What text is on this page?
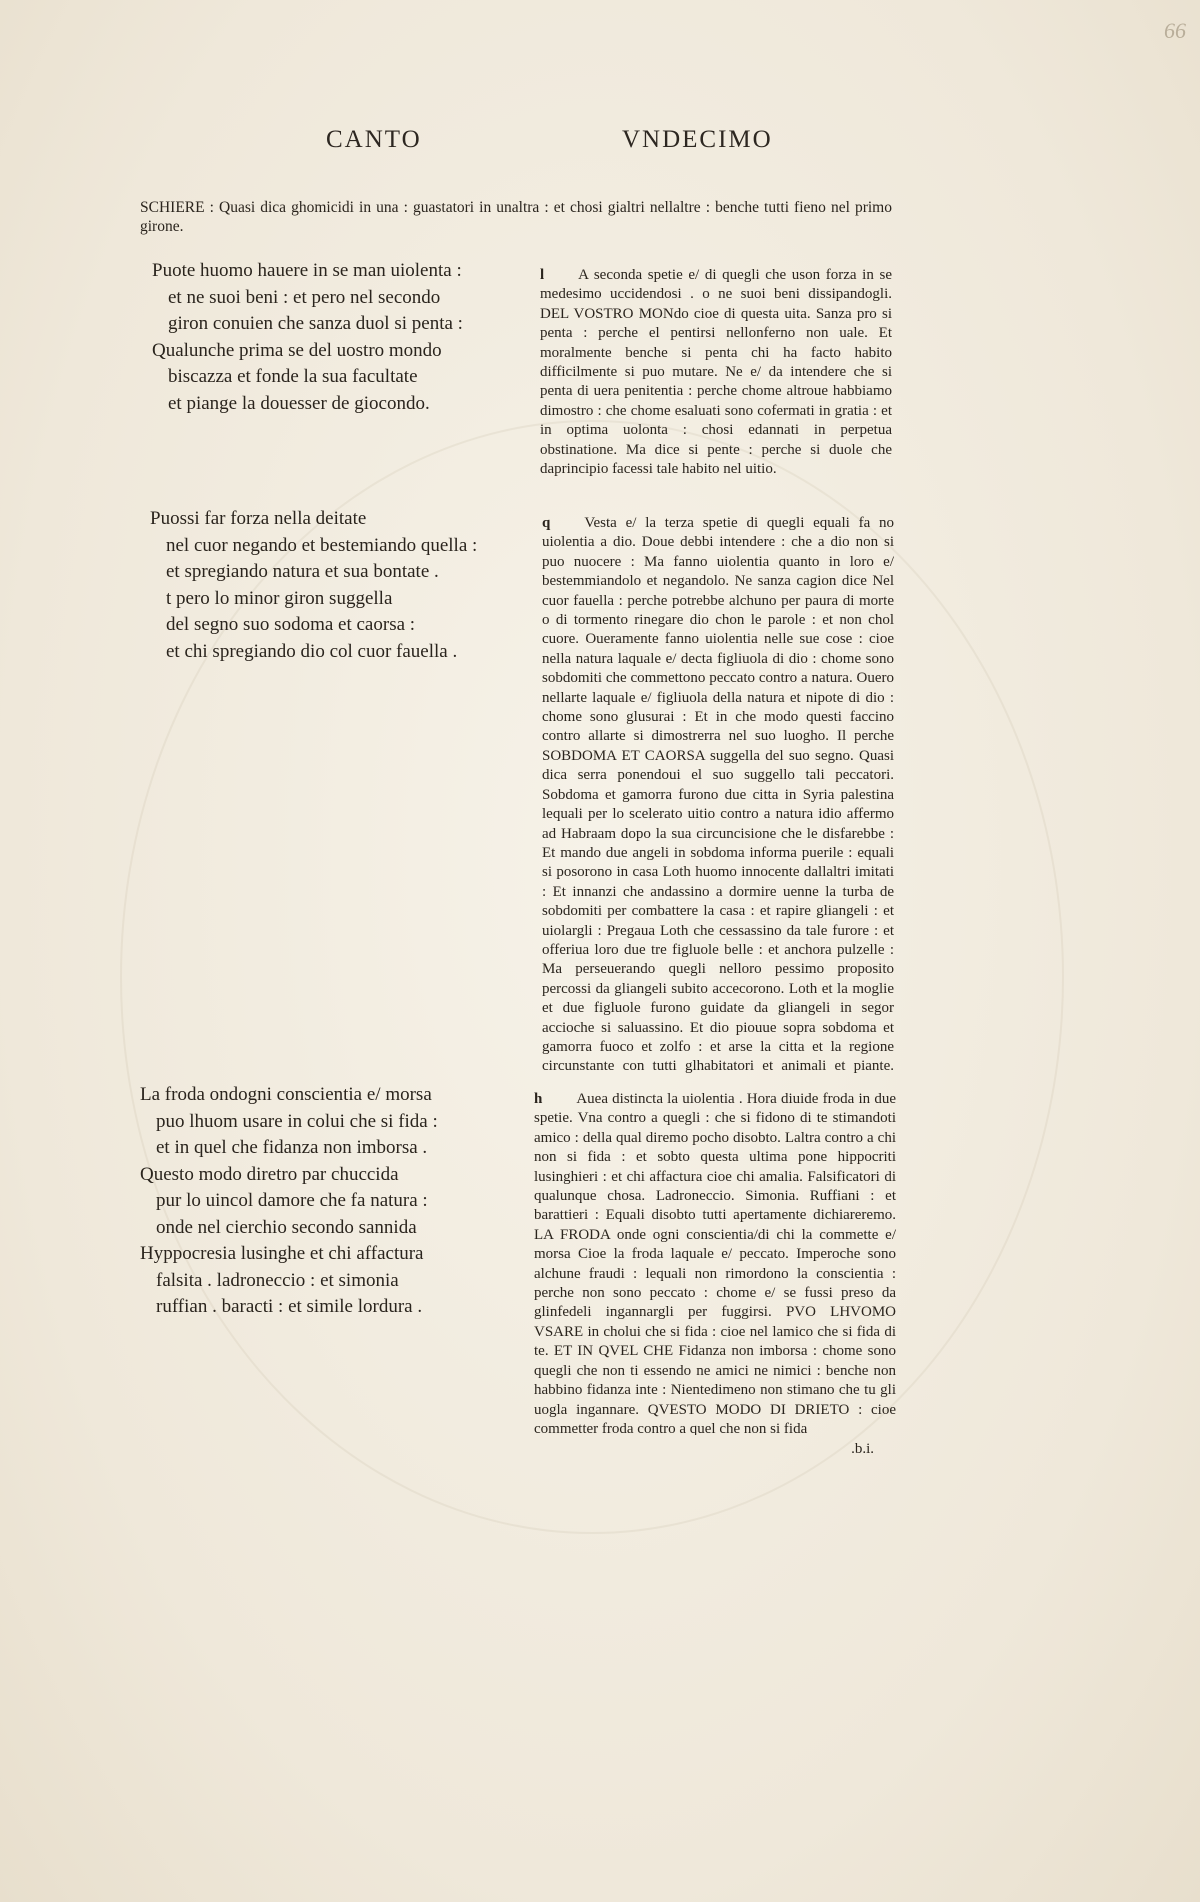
66
CANTO	VNDECIMO

SCHIERE : Quasi dica ghomicidi in una : guastatori in unaltra : et chosi gialtri nellaltre : benche tutti fieno nel primo girone.

Puote huomo hauere in se man uiolenta :
et ne suoi beni : et pero nel secondo
giron conuien che sanza duol si penta :
Qualunche prima se del uostro mondo
biscazza et fonde la sua facultate
et piange la douesser de giocondo.
l A seconda spetie e/ di quegli che uson forza in se medesimo uccidendosi . o ne suoi beni dissipandogli. DEL VOSTRO MONdo cioe di questa uita. Sanza pro si penta : perche el pentirsi nellonferno non uale. Et moralmente benche si penta chi ha facto habito difficilmente si puo mutare. Ne e/ da intendere che si penta di uera penitentia : perche chome altroue habbiamo dimostro : che chome esaluati sono cofermati in gratia : et in optima uolonta : chosi edannati in perpetua obstinatione. Ma dice si pente : perche si duole che daprincipio facessi tale habito nel uitio.
Puossi far forza nella deitate
nel cuor negando et bestemiando quella :
et spregiando natura et sua bontate .
t pero lo minor giron suggella
del segno suo sodoma et caorsa :
et chi spregiando dio col cuor fauella .
q Vesta e/ la terza spetie di quegli equali fa no uiolentia a dio. Doue debbi intendere : che a dio non si puo nuocere : Ma fanno uiolentia quanto in loro e/ bestemmiandolo et negandolo. Ne sanza cagion dice Nel cuor fauella : perche potrebbe alchuno per paura di morte o di tormento rinegare dio chon le parole : et non chol cuore. Oueramente fanno uiolentia nelle sue cose : cioe nella natura laquale e/ decta figliuola di dio : chome sono sobdomiti che commettono peccato contro a natura. Ouero nellarte laquale e/ figliuola della natura et nipote di dio : chome sono glusurai : Et in che modo questi faccino contro allarte si dimostrerra nel suo luogho. Il perche SOBDOMA ET CAORSA suggella del suo segno. Quasi dica serra ponendoui el suo suggello tali peccatori. Sobdoma et gamorra furono due citta in Syria palestina lequali per lo scelerato uitio contro a natura idio affermo ad Habraam dopo la sua circuncisione che le disfarebbe : Et mando due angeli in sobdoma informa puerile : equali si posorono in casa Loth huomo innocente dallaltri imitati : Et innanzi che andassino a dormire uenne la turba de sobdomiti per combattere la casa : et rapire gliangeli : et uiolargli : Pregaua Loth che cessassino da tale furore : et offeriua loro due tre figluole belle : et anchora pulzelle : Ma perseuerando quegli nelloro pessimo proposito percossi da gliangeli subito accecorono. Loth et la moglie et due figluole furono guidate da gliangeli in segor accioche si saluassino. Et dio piouue sopra sobdoma et gamorra fuoco et zolfo : et arse la citta et la regione circunstante con tutti glhabitatori et animali et piante.
La froda ondogni conscientia e/ morsa
puo lhuom usare in colui che si fida :
et in quel che fidanza non imborsa .
Questo modo diretro par chuccida
pur lo uincol damore che fa natura :
onde nel cierchio secondo sannida
Hyppocresia lusinghe et chi affactura
falsita . ladroneccio : et simonia
ruffian . baracti : et simile lordura .
h Auea distincta la uiolentia . Hora diuide froda in due spetie. Vna contro a quegli : che si fidono di te stimandoti amico : della qual diremo pocho disobto. Laltra contro a chi non si fida : et sobto questa ultima pone hippocriti lusinghieri : et chi affactura cioe chi amalia. Falsificatori di qualunque chosa. Ladroneccio. Simonia. Ruffiani : et barattieri : Equali disobto tutti apertamente dichiareremo. LA FRODA onde ogni conscientia/di chi la commette e/ morsa Cioe la froda laquale e/ peccato. Imperoche sono alchune fraudi : lequali non rimordono la conscientia : perche non sono peccato : chome e/ se fussi preso da glinfedeli ingannargli per fuggirsi. PVO LHVOMO VSARE in cholui che si fida : cioe nel lamico che si fida di te. ET IN QVEL CHE Fidanza non imborsa : chome sono quegli che non ti essendo ne amici ne nimici : benche non habbino fidanza inte : Nientedimeno non stimano che tu gli uogla ingannare. QVESTO MODO DI DRIETO : cioe commetter froda contro a quel che non si fida
.b.i.
